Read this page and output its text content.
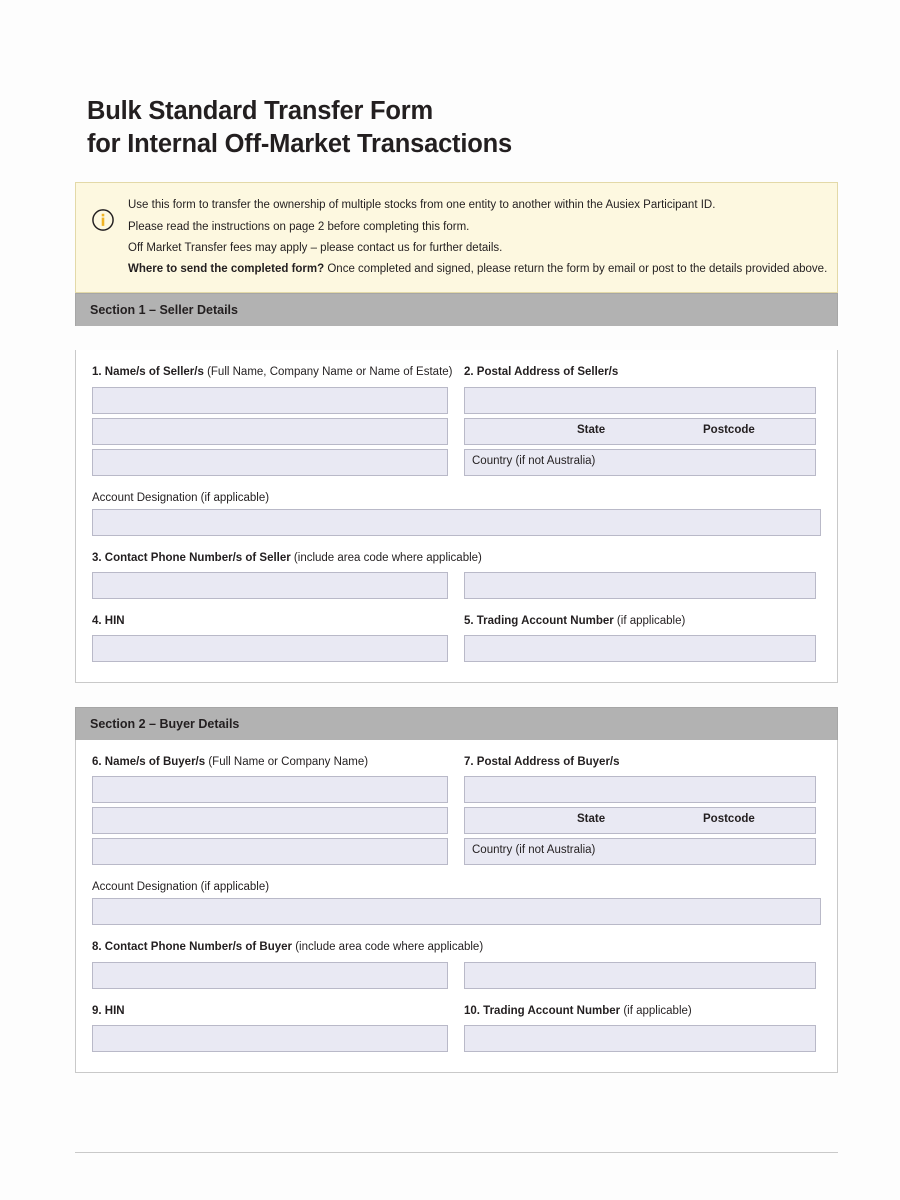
Bulk Standard Transfer Form
for Internal Off-Market Transactions
Use this form to transfer the ownership of multiple stocks from one entity to another within the Ausiex Participant ID.
Please read the instructions on page 2 before completing this form.
Off Market Transfer fees may apply – please contact us for further details.
Where to send the completed form? Once completed and signed, please return the form by email or post to the details provided above.
Section 1 – Seller Details
1. Name/s of Seller/s (Full Name, Company Name or Name of Estate) 2. Postal Address of Seller/s
State	Postcode
Country (if not Australia)
Account Designation (if applicable)
3. Contact Phone Number/s of Seller (include area code where applicable)
4. HIN	5. Trading Account Number (if applicable)
Section 2 – Buyer Details
6. Name/s of Buyer/s (Full Name or Company Name)	7. Postal Address of Buyer/s
State	Postcode
Country (if not Australia)
Account Designation (if applicable)
8. Contact Phone Number/s of Buyer (include area code where applicable)
9. HIN	10. Trading Account Number (if applicable)
